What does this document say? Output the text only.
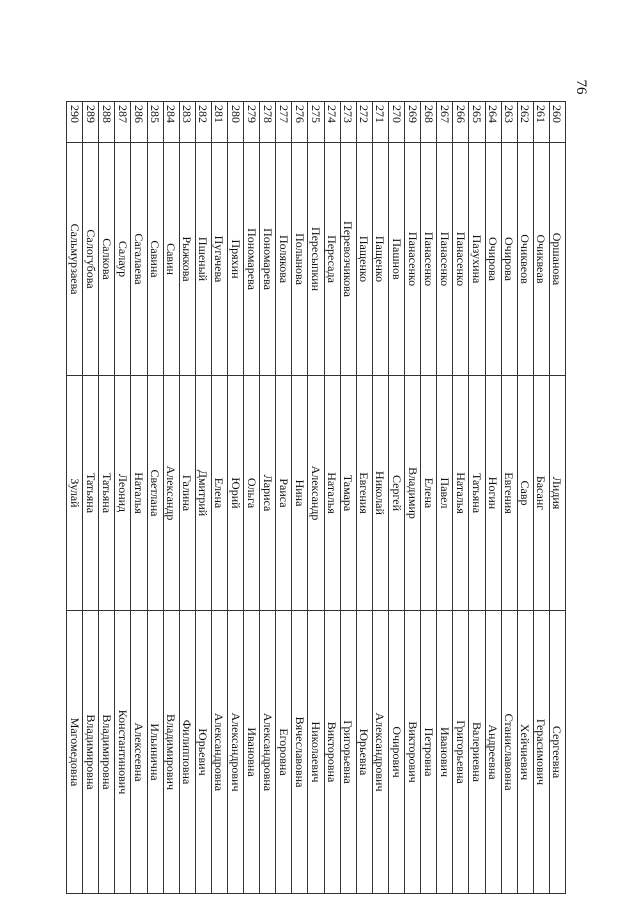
76
260	Оршанова	Лидия	Сергеевна
261	Очиквеав	Басанг	Герасимович
262	Очиквеов	Савр	Хейчиевич
263	Очирова	Евгения	Станиславовна
264	Очирова	Ногин	Андреевна
265	Пазухина	Татьяна	Валериевна
266	Панасенко	Наталья	Григорьевна
267	Панасенко	Павел	Иванович
268	Панасенко	Елена	Петровна
269	Панасенко	Владимир	Викторович
270	Пашнов	Сергей	Очирович
271	Пащенко	Николай	Александрович
272	Пащенко	Евгения	Юрьевна
273	Перевозчикова	Тамара	Григорьевна
274	Пересада	Наталья	Викторовна
275	Пересыпкин	Александр	Николаевич
276	Полынова	Нина	Вячеславовна
277	Полякова	Раиса	Егоровна
278	Пономарева	Лариса	Александровна
279	Пономарева	Ольга	Ивановна
280	Пряхин	Юрий	Александрович
281	Пугачева	Елена	Александровна
282	Пшеный	Дмитрий	Юрьевич
283	Рыжкова	Галина	Филипповна
284	Савин	Александр	Владимирович
285	Савина	Светлана	Ильинична
286	Сагалаева	Наталья	Алексеевна
287	Салаур	Леонид	Константинович
288	Салкова	Татьяна	Владимировна
289	Салогубова	Татьяна	Владимировна
290	Сальмурзаева	Зулай	Магомедовна
